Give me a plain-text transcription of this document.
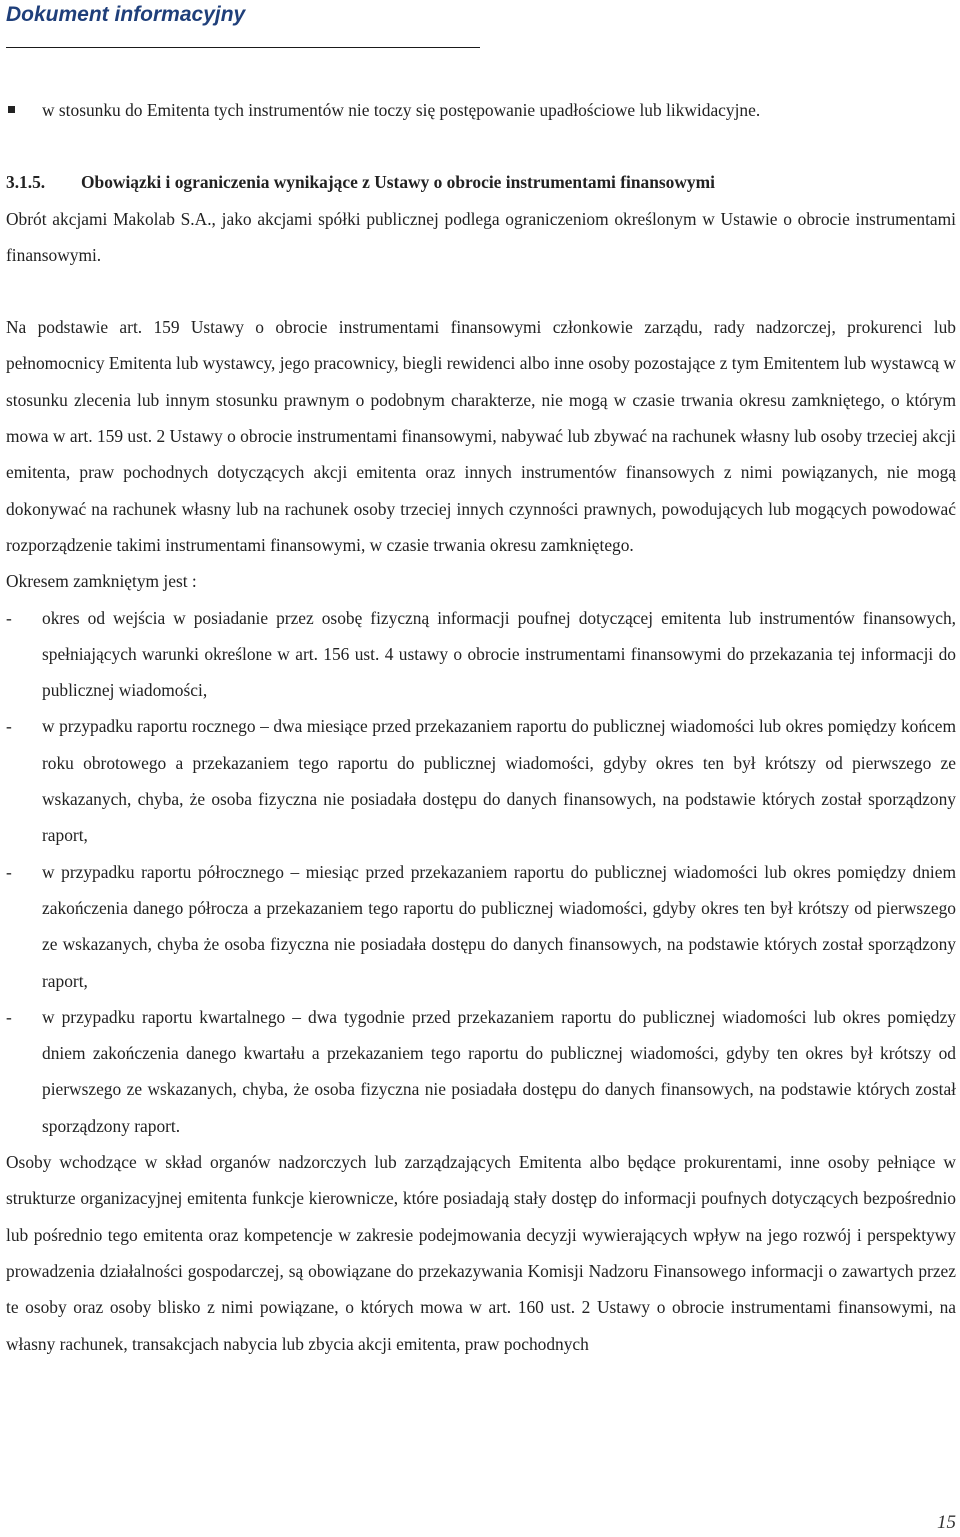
Dokument informacyjny

w stosunku do Emitenta tych instrumentów nie toczy się postępowanie upadłościowe lub likwidacyjne.

3.1.5.	Obowiązki i ograniczenia wynikające z Ustawy o obrocie instrumentami finansowymi

Obrót akcjami Makolab S.A., jako akcjami spółki publicznej podlega ograniczeniom określonym w Ustawie o obrocie instrumentami finansowymi.

Na podstawie art. 159 Ustawy o obrocie instrumentami finansowymi członkowie zarządu, rady nadzorczej, prokurenci lub pełnomocnicy Emitenta lub wystawcy, jego pracownicy, biegli rewidenci albo inne osoby pozostające z tym Emitentem lub wystawcą w stosunku zlecenia lub innym stosunku prawnym o podobnym charakterze, nie mogą w czasie trwania okresu zamkniętego, o którym mowa w art. 159 ust. 2 Ustawy o obrocie instrumentami finansowymi, nabywać lub zbywać na rachunek własny lub osoby trzeciej akcji emitenta, praw pochodnych dotyczących akcji emitenta oraz innych instrumentów finansowych z nimi powiązanych, nie mogą dokonywać na rachunek własny lub na rachunek osoby trzeciej innych czynności prawnych, powodujących lub mogących powodować rozporządzenie takimi instrumentami finansowymi, w czasie trwania okresu zamkniętego.

Okresem zamkniętym jest :

- okres od wejścia w posiadanie przez osobę fizyczną informacji poufnej dotyczącej emitenta lub instrumentów finansowych, spełniających warunki określone w art. 156 ust. 4 ustawy o obrocie instrumentami finansowymi do przekazania tej informacji do publicznej wiadomości,

- w przypadku raportu rocznego – dwa miesiące przed przekazaniem raportu do publicznej wiadomości lub okres pomiędzy końcem roku obrotowego a przekazaniem tego raportu do publicznej wiadomości, gdyby okres ten był krótszy od pierwszego ze wskazanych, chyba, że osoba fizyczna nie posiadała dostępu do danych finansowych, na podstawie których został sporządzony raport,

- w przypadku raportu półrocznego – miesiąc przed przekazaniem raportu do publicznej wiadomości lub okres pomiędzy dniem zakończenia danego półrocza a przekazaniem tego raportu do publicznej wiadomości, gdyby okres ten był krótszy od pierwszego ze wskazanych, chyba że osoba fizyczna nie posiadała dostępu do danych finansowych, na podstawie których został sporządzony raport,

- w przypadku raportu kwartalnego – dwa tygodnie przed przekazaniem raportu do publicznej wiadomości lub okres pomiędzy dniem zakończenia danego kwartału a przekazaniem tego raportu do publicznej wiadomości, gdyby ten okres był krótszy od pierwszego ze wskazanych, chyba, że osoba fizyczna nie posiadała dostępu do danych finansowych, na podstawie których został sporządzony raport.

Osoby wchodzące w skład organów nadzorczych lub zarządzających Emitenta albo będące prokurentami, inne osoby pełniące w strukturze organizacyjnej emitenta funkcje kierownicze, które posiadają stały dostęp do informacji poufnych dotyczących bezpośrednio lub pośrednio tego emitenta oraz kompetencje w zakresie podejmowania decyzji wywierających wpływ na jego rozwój i perspektywy prowadzenia działalności gospodarczej, są obowiązane do przekazywania Komisji Nadzoru Finansowego informacji o zawartych przez te osoby oraz osoby blisko z nimi powiązane, o których mowa w art. 160 ust. 2 Ustawy o obrocie instrumentami finansowymi, na własny rachunek, transakcjach nabycia lub zbycia akcji emitenta, praw pochodnych

15
